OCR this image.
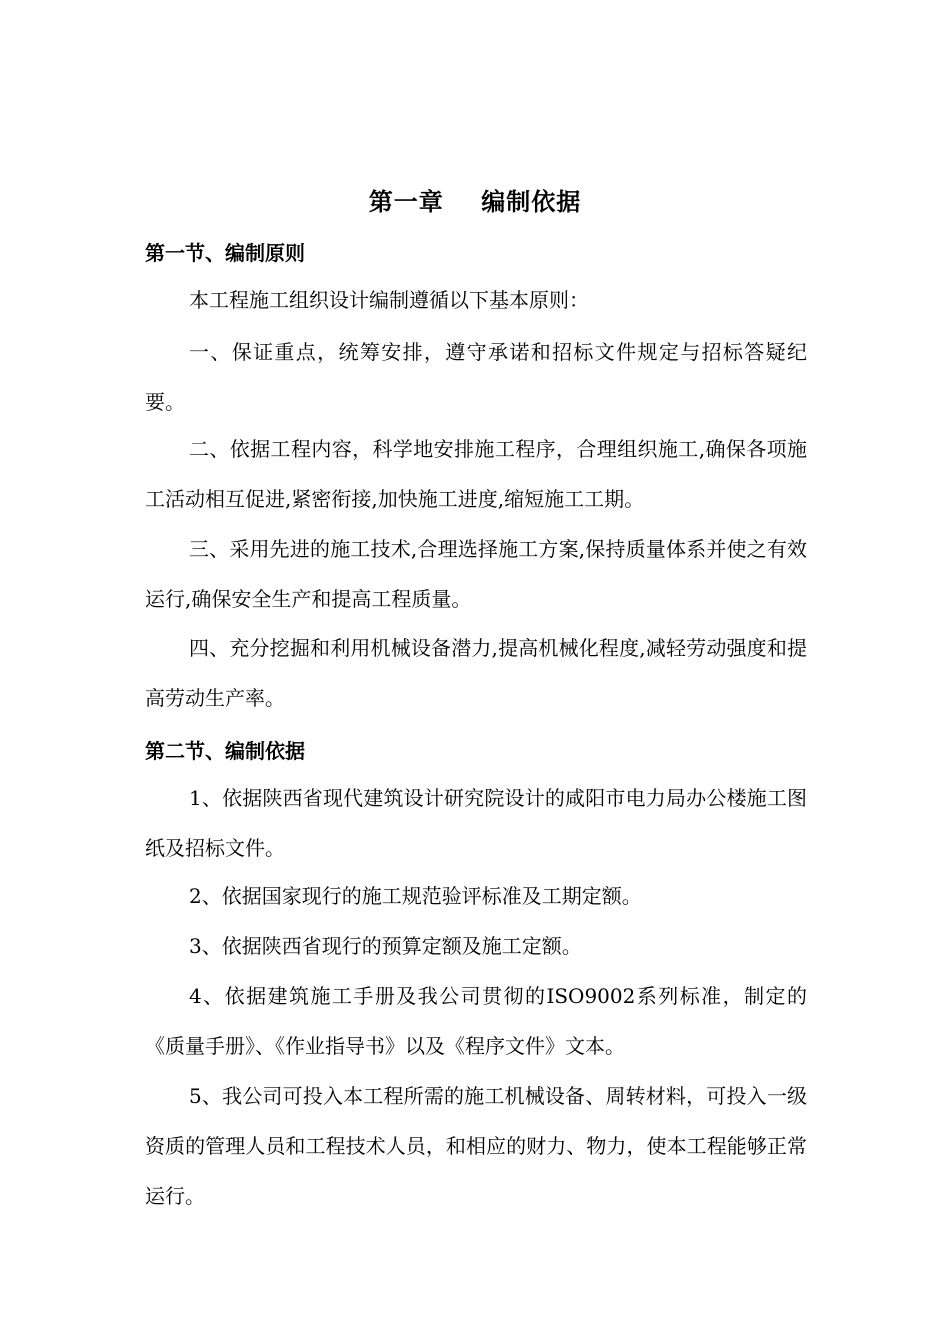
第一章    编制依据
第一节、编制原则

本工程施工组织设计编制遵循以下基本原则：

一、保证重点，统筹安排，遵守承诺和招标文件规定与招标答疑纪要。

二、依据工程内容，科学地安排施工程序，合理组织施工,确保各项施工活动相互促进,紧密衔接,加快施工进度,缩短施工工期。

三、采用先进的施工技术,合理选择施工方案,保持质量体系并使之有效运行,确保安全生产和提高工程质量。

四、充分挖掘和利用机械设备潜力,提高机械化程度,减轻劳动强度和提高劳动生产率。

第二节、编制依据

1、依据陕西省现代建筑设计研究院设计的咸阳市电力局办公楼施工图纸及招标文件。

2、依据国家现行的施工规范验评标准及工期定额。

3、依据陕西省现行的预算定额及施工定额。

4、依据建筑施工手册及我公司贯彻的ISO9002系列标准，制定的《质量手册》、《作业指导书》以及《程序文件》文本。

5、我公司可投入本工程所需的施工机械设备、周转材料，可投入一级资质的管理人员和工程技术人员，和相应的财力、物力，使本工程能够正常运行。
